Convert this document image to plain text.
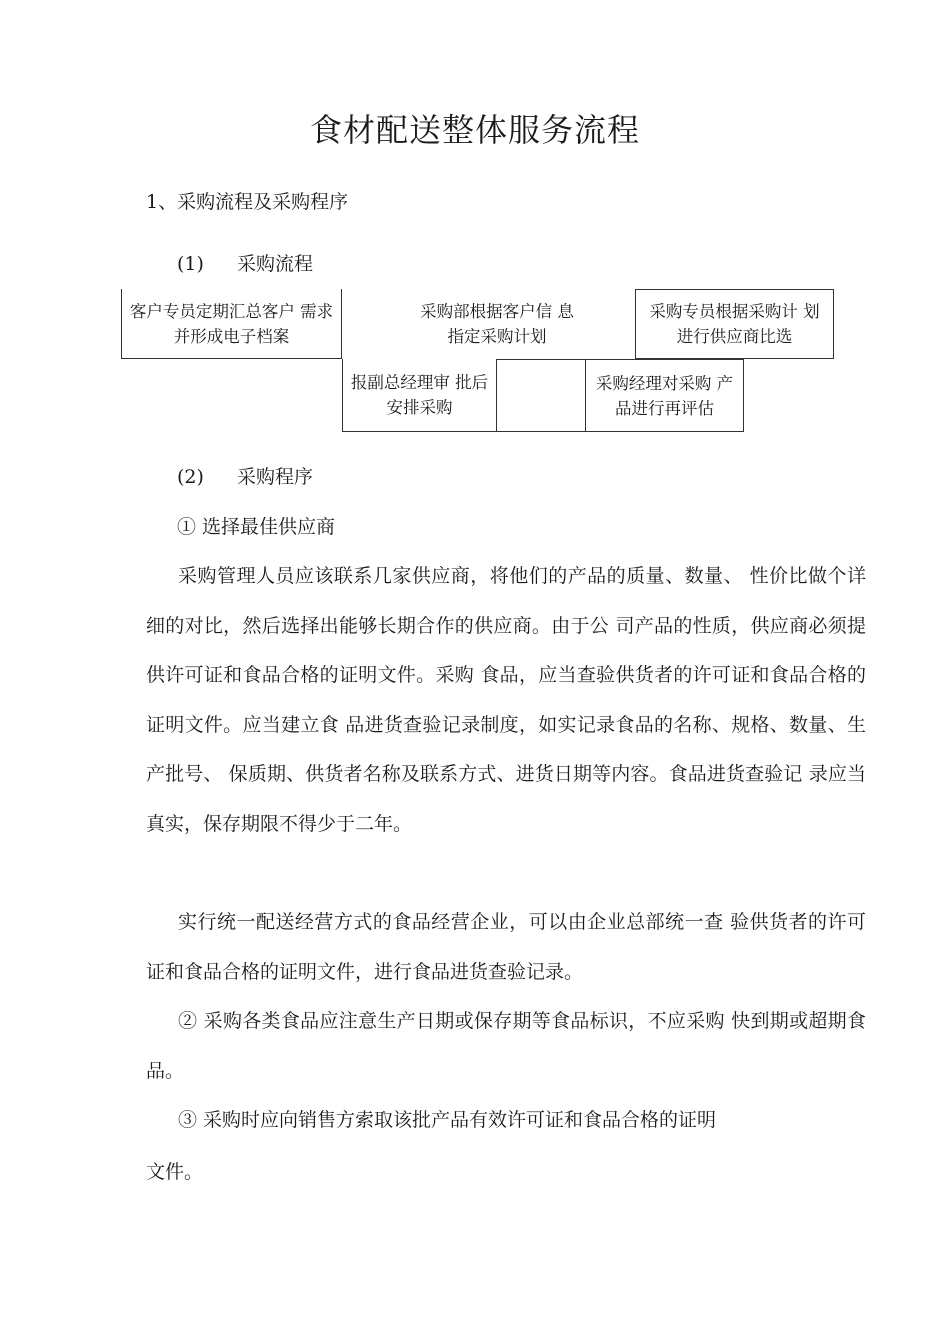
食材配送整体服务流程
1、采购流程及采购程序
(1) 采购流程
客户专员定期汇总客户 需求并形成电子档案
采购部根据客户信 息指定采购计划
采购专员根据采购计 划进行供应商比选
报副总经理审 批后安排采购
采购经理对采购 产品进行再评估
(2) 采购程序
① 选择最佳供应商

采购管理人员应该联系几家供应商，将他们的产品的质量、数量、 性价比做个详细的对比，然后选择出能够长期合作的供应商。由于公 司产品的性质，供应商必须提供许可证和食品合格的证明文件。采购 食品，应当查验供货者的许可证和食品合格的证明文件。应当建立食 品进货查验记录制度，如实记录食品的名称、规格、数量、生产批号、 保质期、供货者名称及联系方式、进货日期等内容。食品进货查验记 录应当真实，保存期限不得少于二年。

实行统一配送经营方式的食品经营企业，可以由企业总部统一查 验供货者的许可证和食品合格的证明文件，进行食品进货查验记录。

② 采购各类食品应注意生产日期或保存期等食品标识，不应采购 快到期或超期食品。

③ 采购时应向销售方索取该批产品有效许可证和食品合格的证明

文件。
